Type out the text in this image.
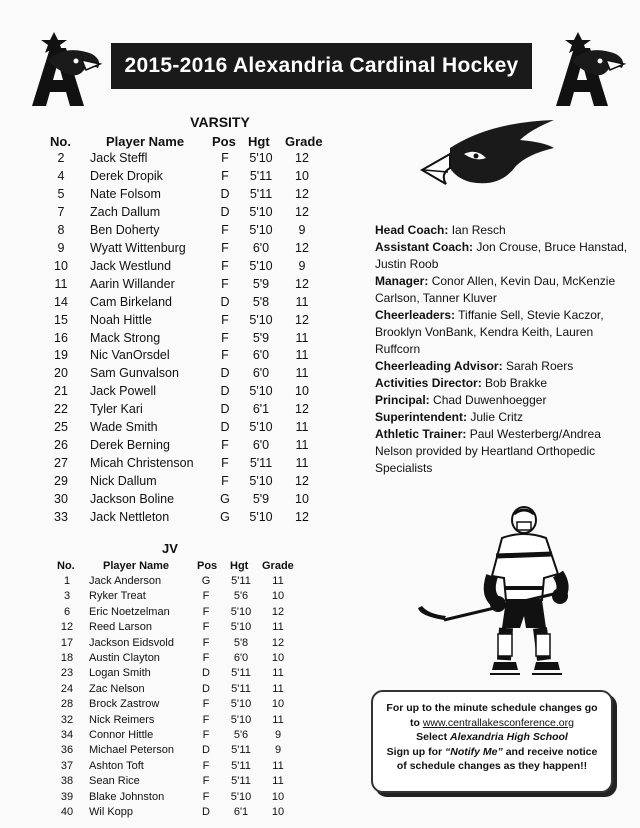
2015-2016 Alexandria Cardinal Hockey
VARSITY
No.	Player Name Pos Hgt Grade
2	Jack Steffl	F	5'10	12
4	Derek Dropik	F	5'11	10
5	Nate Folsom	D	5'11	12
7	Zach Dallum	D	5'10	12
8	Ben Doherty	F	5'10	9
9	Wyatt Wittenburg	F	6'0	12
10	Jack Westlund	F	5'10	9
11	Aarin Willander	F	5'9	12
14	Cam Birkeland	D	5'8	11
15	Noah Hittle	F	5'10	12
16	Mack Strong	F	5'9	11
19	Nic VanOrsdel	F	6'0	11
20	Sam Gunvalson	D	6'0	11
21	Jack Powell	D	5'10	10
22	Tyler Kari	D	6'1	12
25	Wade Smith	D	5'10	11
26	Derek Berning	F	6'0	11
27	Micah Christenson	F	5'11	11
29	Nick Dallum	F	5'10	12
30	Jackson Boline	G	5'9	10
33	Jack Nettleton	G	5'10	12
JV
No.	Player Name	Pos Hgt Grade
1	Jack Anderson	G	5'11	11
3	Ryker Treat	F	5'6	10
6	Eric Noetzelman	F	5'10	12
12	Reed Larson	F	5'10	11
17	Jackson Eidsvold	F	5'8	12
18	Austin Clayton	F	6'0	10
23	Logan Smith	D	5'11	11
24	Zac Nelson	D	5'11	11
28	Brock Zastrow	F	5'10	10
32	Nick Reimers	F	5'10	11
34	Connor Hittle	F	5'6	9
36	Michael Peterson	D	5'11	9
37	Ashton Toft	F	5'11	11
38	Sean Rice	F	5'11	11
39	Blake Johnston	F	5'10	10
40	Wil Kopp	D	6'1	10

Head Coach: Ian Resch

Assistant Coach: Jon Crouse, Bruce Hanstad, Justin Roob

Manager: Conor Allen, Kevin Dau, McKenzie Carlson, Tanner Kluver

Cheerleaders: Tiffanie Sell, Stevie Kaczor, Brooklyn VonBank, Kendra Keith, Lauren Ruffcorn

Cheerleading Advisor: Sarah Roers

Activities Director: Bob Brakke

Principal: Chad Duwenhoegger

Superintendent: Julie Critz

Athletic Trainer: Paul Westerberg/Andrea Nelson provided by Heartland Orthopedic Specialists

For up to the minute schedule changes go
to www.centrallakesconference.org
Select Alexandria High School
Sign up for “Notify Me” and receive notice
of schedule changes as they happen!!
